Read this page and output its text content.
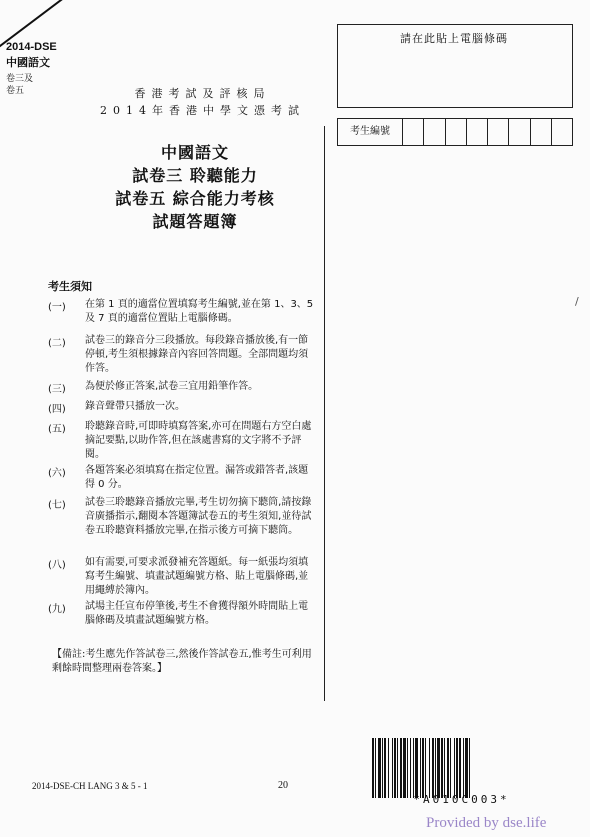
2014-DSE
中國語文
卷三及
卷五	香港考試及評核局
2014年香港中學文憑考試
中國語文
試卷三 聆聽能力
試卷五 綜合能力考核
試題答題簿
請在此貼上電腦條碼
考生編號
/
考生須知
(一) 在第 1 頁的適當位置填寫考生編號,並在第 1、3、5 及 7 頁的適當位置貼上電腦條碼。
(二) 試卷三的錄音分三段播放。每段錄音播放後,有一節停頓,考生須根據錄音內容回答問題。全部問題均須作答。
(三) 為便於修正答案,試卷三宜用鉛筆作答。
(四) 錄音聲帶只播放一次。
(五) 聆聽錄音時,可即時填寫答案,亦可在問題右方空白處摘記要點,以助作答,但在該處書寫的文字將不予評閱。
(六) 各題答案必須填寫在指定位置。漏答或錯答者,該題得 0 分。
(七) 試卷三聆聽錄音播放完畢,考生切勿摘下聽筒,請按錄音廣播指示,翻閱本答題簿試卷五的考生須知,並待試卷五聆聽資料播放完畢,在指示後方可摘下聽筒。
(八) 如有需要,可要求派發補充答題紙。每一紙張均須填寫考生編號、填畫試題編號方格、貼上電腦條碼,並用繩縛於簿內。
(九) 試場主任宣布停筆後,考生不會獲得額外時間貼上電腦條碼及填畫試題編號方格。
【備註:考生應先作答試卷三,然後作答試卷五,惟考生可利用剩餘時間整理兩卷答案。】
*A010C003*
2014-DSE-CH LANG 3 & 5 - 1	20
Provided by dse.life
